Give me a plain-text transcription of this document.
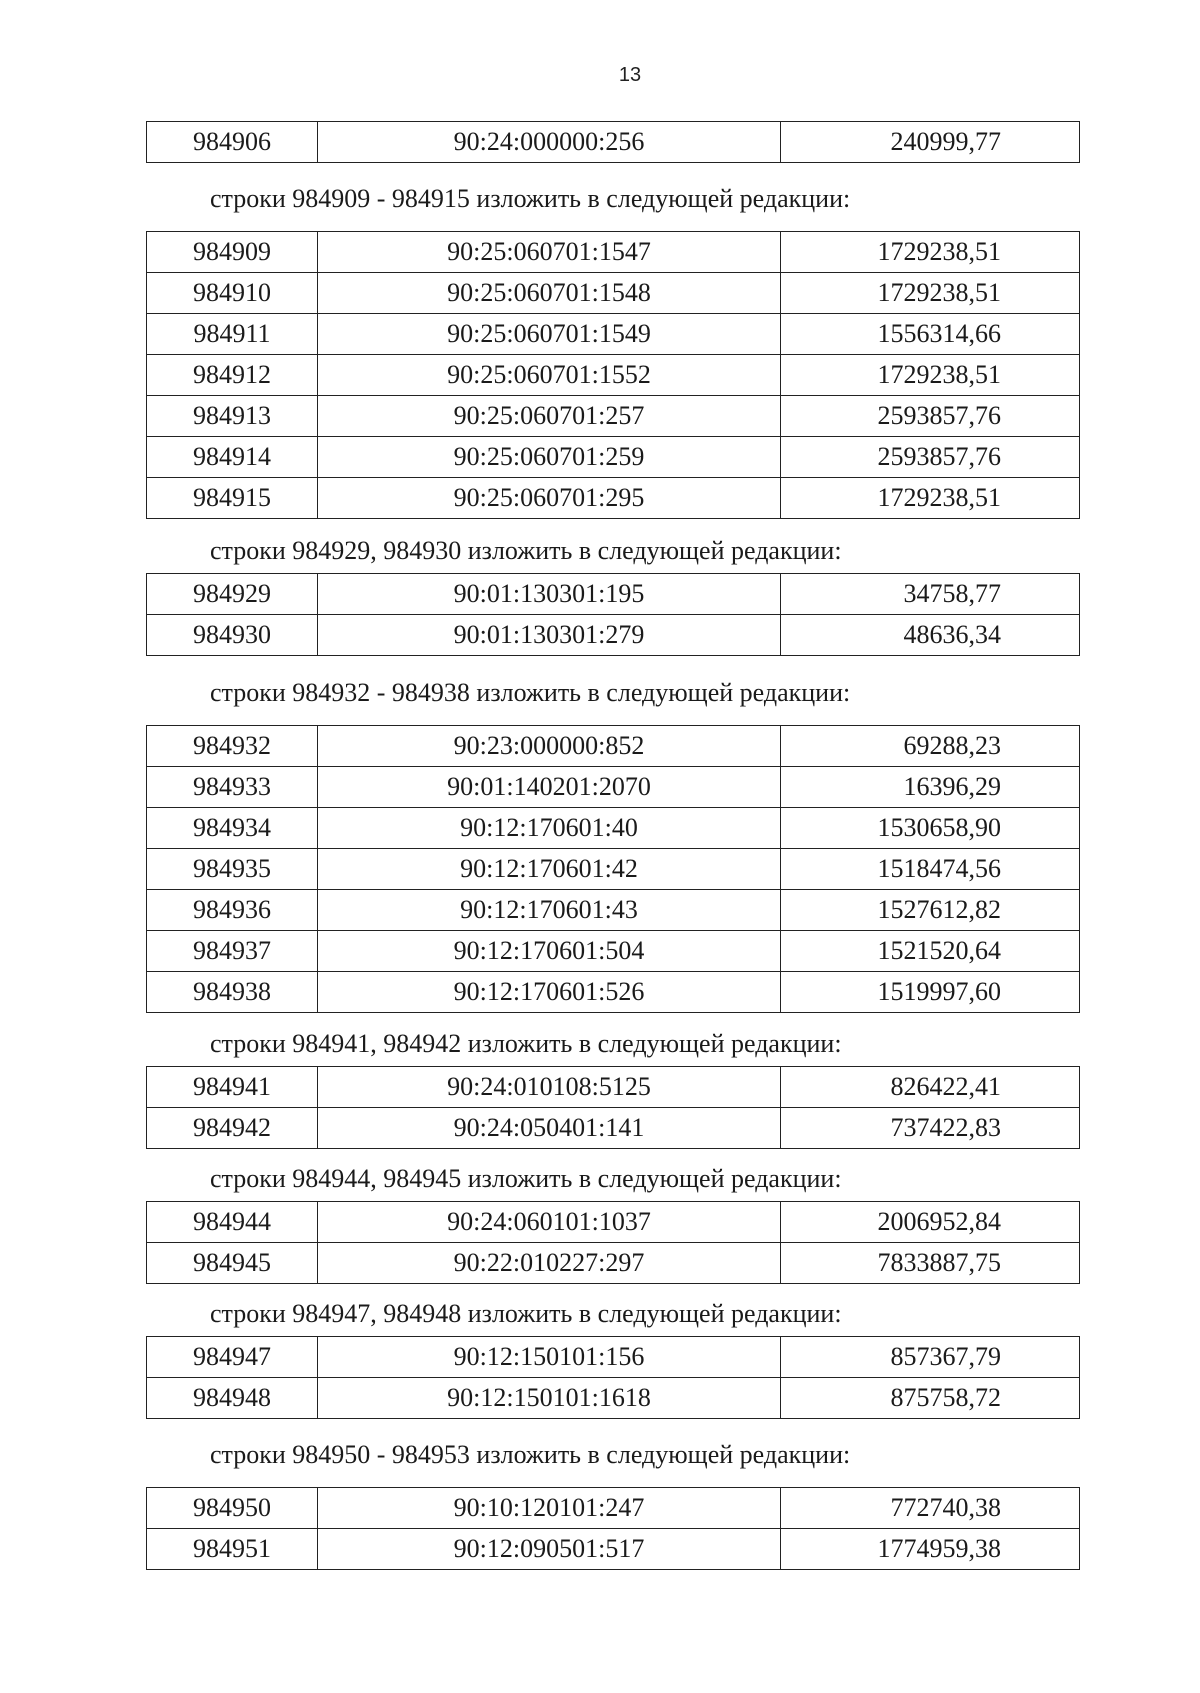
13
984906	90:24:000000:256	240999,77
строки 984909 - 984915 изложить в следующей редакции:
984909	90:25:060701:1547	1729238,51
984910	90:25:060701:1548	1729238,51
984911	90:25:060701:1549	1556314,66
984912	90:25:060701:1552	1729238,51
984913	90:25:060701:257	2593857,76
984914	90:25:060701:259	2593857,76
984915	90:25:060701:295	1729238,51
строки 984929, 984930 изложить в следующей редакции:
984929	90:01:130301:195	34758,77
984930	90:01:130301:279	48636,34
строки 984932 - 984938 изложить в следующей редакции:
984932	90:23:000000:852	69288,23
984933	90:01:140201:2070	16396,29
984934	90:12:170601:40	1530658,90
984935	90:12:170601:42	1518474,56
984936	90:12:170601:43	1527612,82
984937	90:12:170601:504	1521520,64
984938	90:12:170601:526	1519997,60
строки 984941, 984942 изложить в следующей редакции:
984941	90:24:010108:5125	826422,41
984942	90:24:050401:141	737422,83
строки 984944, 984945 изложить в следующей редакции:
984944	90:24:060101:1037	2006952,84
984945	90:22:010227:297	7833887,75
строки 984947, 984948 изложить в следующей редакции:
984947	90:12:150101:156	857367,79
984948	90:12:150101:1618	875758,72
строки 984950 - 984953 изложить в следующей редакции:
984950	90:10:120101:247	772740,38
984951	90:12:090501:517	1774959,38
